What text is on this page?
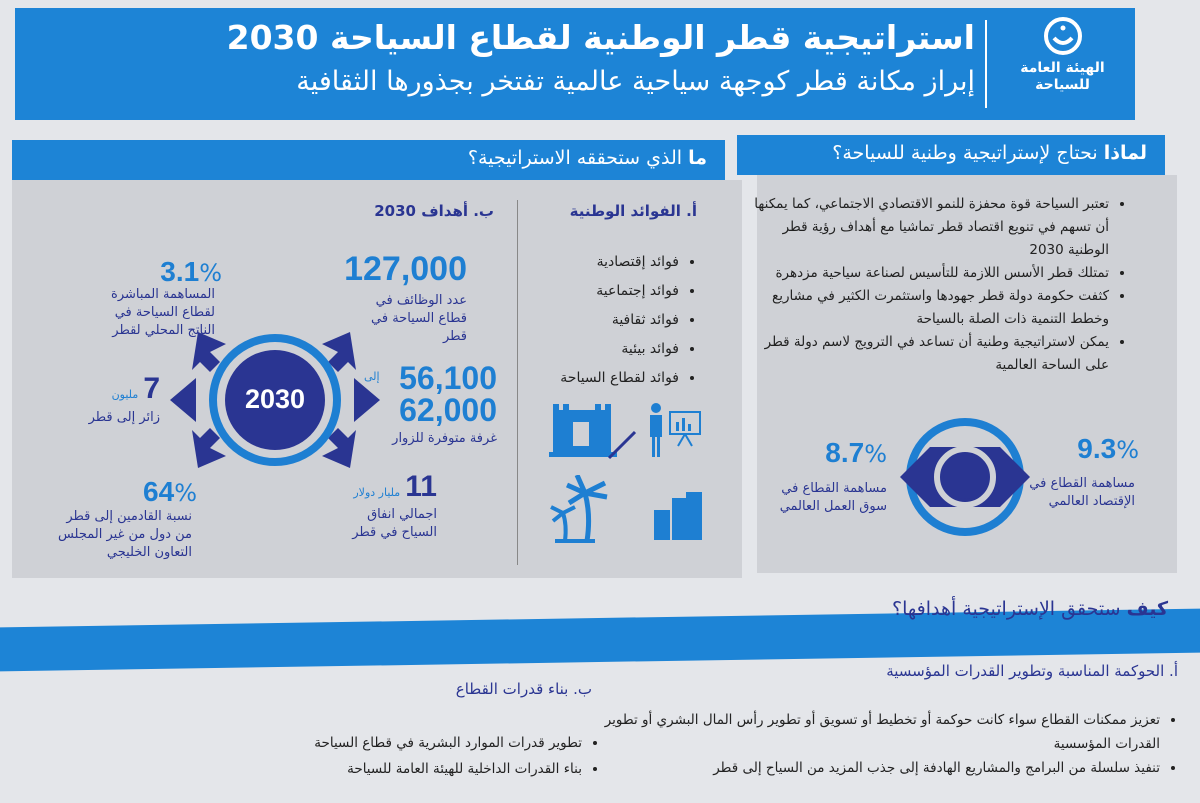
استراتيجية قطر الوطنية لقطاع السياحة 2030
إبراز مكانة قطر كوجهة سياحية عالمية تفتخر بجذورها الثقافية	الهيئة العامة للسياحة
ما الذي ستحققه الاستراتيجية؟
أ. الفوائد الوطنية
• فوائد إقتصادية
• فوائد إجتماعية
• فوائد ثقافية
• فوائد بيئية
• فوائد لقطاع السياحة
ب. أهداف 2030
2030
127,000
عدد الوظائف في قطاع السياحة في قطر
56,100
إلى
62,000
غرفة متوفرة للزوار
11 مليار دولار
اجمالي انفاق السياح في قطر
3.1%
المساهمة المباشرة لقطاع السياحة في الناتج المحلي لقطر
7 مليون
زائر إلى قطر
64%
نسبة القادمين إلى قطر من دول من غير المجلس التعاون الخليجي
لماذا نحتاج لإستراتيجية وطنية للسياحة؟
• تعتبر السياحة قوة محفزة للنمو الاقتصادي الاجتماعي، كما يمكنها أن تسهم في تنويع اقتصاد قطر تماشيا مع أهداف رؤية قطر الوطنية 2030
• تمتلك قطر الأسس اللازمة للتأسيس لصناعة سياحية مزدهرة
• كثفت حكومة دولة قطر جهودها واستثمرت الكثير في مشاريع وخطط التنمية ذات الصلة بالسياحة
• يمكن لاستراتيجية وطنية أن تساعد في الترويج لاسم دولة قطر على الساحة العالمية
9.3%
مساهمة القطاع في الإقتصاد العالمي
8.7%
مساهمة القطاع في سوق العمل العالمي
كيف ستحقق الإستراتيجية أهدافها؟
أ. الحوكمة المناسبة وتطوير القدرات المؤسسية
ب. بناء قدرات القطاع
• تعزيز ممكنات القطاع سواء كانت حوكمة أو تخطيط أو تسويق أو تطوير رأس المال البشري أو تطوير القدرات المؤسسية
• تنفيذ سلسلة من البرامج والمشاريع الهادفة إلى جذب المزيد من السياح إلى قطر
• تطوير قدرات الموارد البشرية في قطاع السياحة
• بناء القدرات الداخلية للهيئة العامة للسياحة
